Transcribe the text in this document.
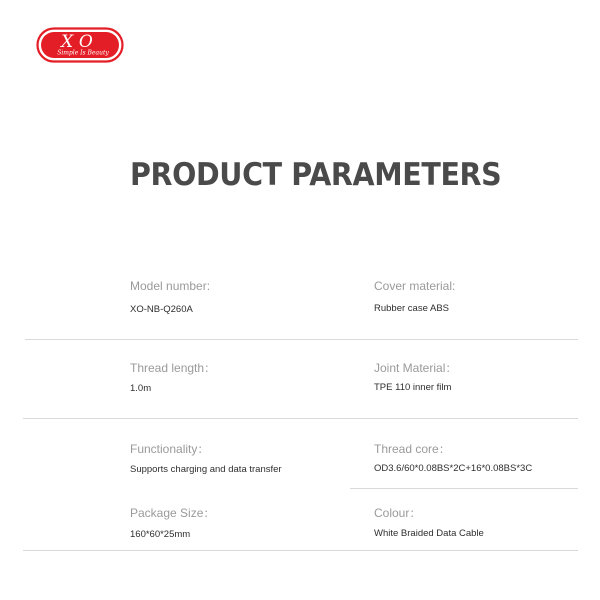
XO
Simple Is Beauty
PRODUCT PARAMETERS
Model number:
XO-NB-Q260A
Cover material:
Rubber case ABS
Thread length：
1.0m
Joint Material：
TPE 110 inner film
Functionality：
Supports charging and data transfer
Thread core：
OD3.6/60*0.08BS*2C+16*0.08BS*3C
Package Size：
160*60*25mm
Colour：
White Braided Data Cable
